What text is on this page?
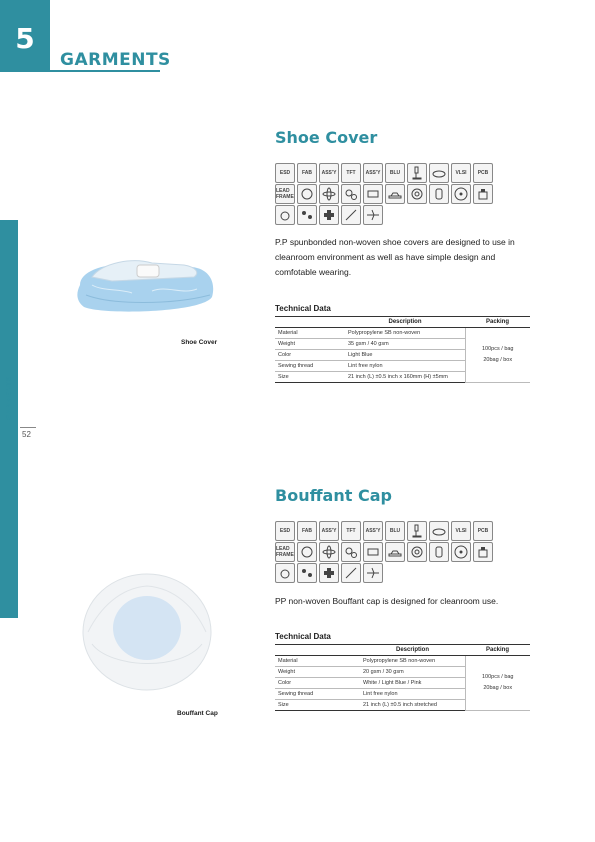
5
GARMENTS
GARMENTS
52
Shoe Cover
ESD	FAB	ASS'Y	TFT	ASS'Y	BLU	VLSI	PCB
LEAD FRAME
P.P spunbonded non-woven shoe covers are designed to use in cleanroom environment as well as have simple design and comfotable wearing.
Shoe Cover
Technical Data
	Description	Packing
Material	Polypropylene SB non-woven	100pcs / bag
20bag / box

Weight	35 gsm / 40 gsm	
Color	Light Blue	
Sewing thread	Lint free nylon	
Size	21 inch (L) ±0.5 inch x 160mm (H) ±5mm	
Bouffant Cap
ESD	FAB	ASS'Y	TFT	ASS'Y	BLU	VLSI	PCB
LEAD FRAME
PP non-woven Bouffant cap is designed for cleanroom use.
Bouffant Cap
Technical Data
	Description	Packing
Material	Polypropylene SB non-woven	100pcs / bag
20bag / box

Weight	20 gsm / 30 gsm	
Color	White / Light Blue / Pink	
Sewing thread	Lint free nylon	
Size	21 inch (L) ±0.5 inch stretched	
